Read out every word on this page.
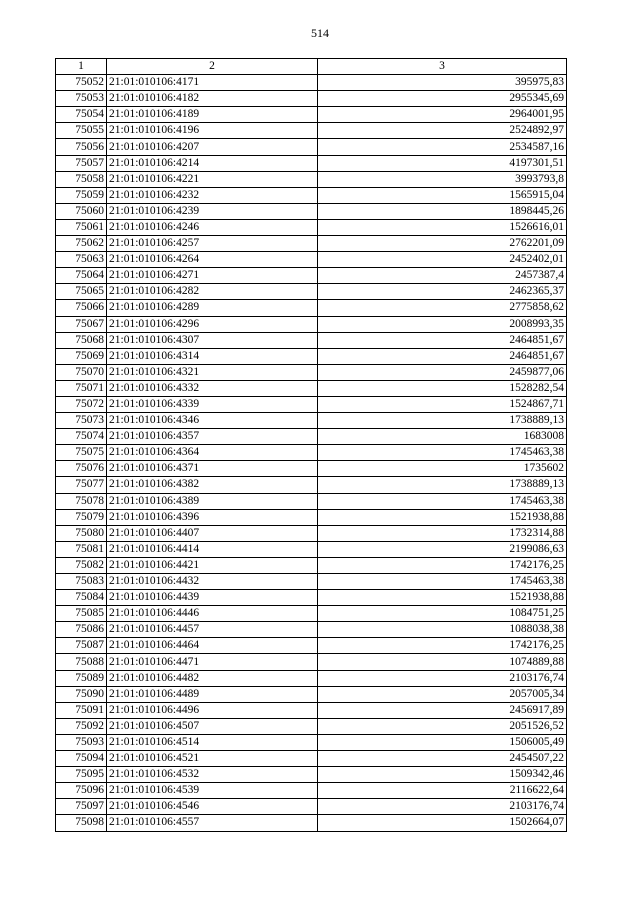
514
1	2	3
75052	21:01:010106:4171	395975,83
75053	21:01:010106:4182	2955345,69
75054	21:01:010106:4189	2964001,95
75055	21:01:010106:4196	2524892,97
75056	21:01:010106:4207	2534587,16
75057	21:01:010106:4214	4197301,51
75058	21:01:010106:4221	3993793,8
75059	21:01:010106:4232	1565915,04
75060	21:01:010106:4239	1898445,26
75061	21:01:010106:4246	1526616,01
75062	21:01:010106:4257	2762201,09
75063	21:01:010106:4264	2452402,01
75064	21:01:010106:4271	2457387,4
75065	21:01:010106:4282	2462365,37
75066	21:01:010106:4289	2775858,62
75067	21:01:010106:4296	2008993,35
75068	21:01:010106:4307	2464851,67
75069	21:01:010106:4314	2464851,67
75070	21:01:010106:4321	2459877,06
75071	21:01:010106:4332	1528282,54
75072	21:01:010106:4339	1524867,71
75073	21:01:010106:4346	1738889,13
75074	21:01:010106:4357	1683008
75075	21:01:010106:4364	1745463,38
75076	21:01:010106:4371	1735602
75077	21:01:010106:4382	1738889,13
75078	21:01:010106:4389	1745463,38
75079	21:01:010106:4396	1521938,88
75080	21:01:010106:4407	1732314,88
75081	21:01:010106:4414	2199086,63
75082	21:01:010106:4421	1742176,25
75083	21:01:010106:4432	1745463,38
75084	21:01:010106:4439	1521938,88
75085	21:01:010106:4446	1084751,25
75086	21:01:010106:4457	1088038,38
75087	21:01:010106:4464	1742176,25
75088	21:01:010106:4471	1074889,88
75089	21:01:010106:4482	2103176,74
75090	21:01:010106:4489	2057005,34
75091	21:01:010106:4496	2456917,89
75092	21:01:010106:4507	2051526,52
75093	21:01:010106:4514	1506005,49
75094	21:01:010106:4521	2454507,22
75095	21:01:010106:4532	1509342,46
75096	21:01:010106:4539	2116622,64
75097	21:01:010106:4546	2103176,74
75098	21:01:010106:4557	1502664,07
